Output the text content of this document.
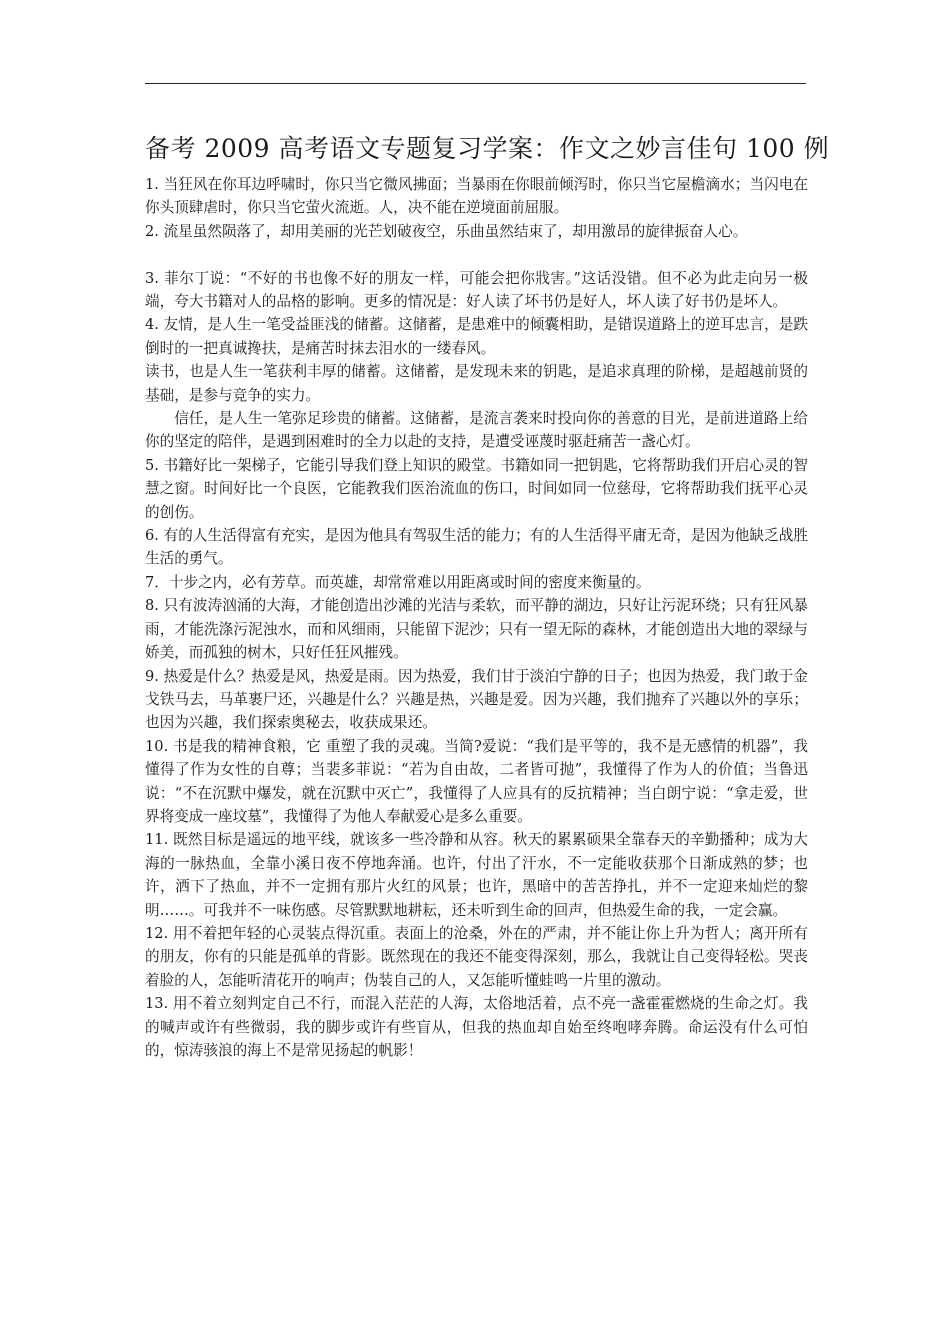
备考 2009 高考语文专题复习学案：作文之妙言佳句 100 例

1. 当狂风在你耳边呼啸时，你只当它微风拂面；当暴雨在你眼前倾泻时，你只当它屋檐滴水；当闪电在你头顶肆虐时，你只当它萤火流逝。人，决不能在逆境面前屈服。

2. 流星虽然陨落了，却用美丽的光芒划破夜空，乐曲虽然结束了，却用激昂的旋律振奋人心。

3. 菲尔丁说：“不好的书也像不好的朋友一样，可能会把你戕害。”这话没错。但不必为此走向另一极端，夸大书籍对人的品格的影响。更多的情况是：好人读了坏书仍是好人，坏人读了好书仍是坏人。

4. 友情，是人生一笔受益匪浅的储蓄。这储蓄，是患难中的倾囊相助，是错误道路上的逆耳忠言，是跌倒时的一把真诚搀扶，是痛苦时抹去泪水的一缕春风。

读书，也是人生一笔获利丰厚的储蓄。这储蓄，是发现未来的钥匙，是追求真理的阶梯，是超越前贤的基础，是参与竞争的实力。

信任，是人生一笔弥足珍贵的储蓄。这储蓄，是流言袭来时投向你的善意的目光，是前进道路上给你的坚定的陪伴，是遇到困难时的全力以赴的支持，是遭受诬蔑时驱赶痛苦一盏心灯。

5. 书籍好比一架梯子，它能引导我们登上知识的殿堂。书籍如同一把钥匙，它将帮助我们开启心灵的智慧之窗。时间好比一个良医，它能教我们医治流血的伤口，时间如同一位慈母，它将帮助我们抚平心灵的创伤。

6. 有的人生活得富有充实，是因为他具有驾驭生活的能力；有的人生活得平庸无奇，是因为他缺乏战胜生活的勇气。

7．十步之内，必有芳草。而英雄，却常常难以用距离或时间的密度来衡量的。

8. 只有波涛汹涌的大海，才能创造出沙滩的光洁与柔软，而平静的湖边，只好让污泥环绕；只有狂风暴雨，才能洗涤污泥浊水，而和风细雨，只能留下泥沙；只有一望无际的森林，才能创造出大地的翠绿与娇美，而孤独的树木，只好任狂风摧残。

9. 热爱是什么？热爱是风，热爱是雨。因为热爱，我们甘于淡泊宁静的日子；也因为热爱，我门敢于金戈铁马去，马革裹尸还，兴趣是什么？兴趣是热，兴趣是爱。因为兴趣，我们抛弃了兴趣以外的享乐；也因为兴趣，我们探索奥秘去，收获成果还。

10. 书是我的精神食粮，它 重塑了我的灵魂。当简?爱说：“我们是平等的，我不是无感情的机器”，我懂得了作为女性的自尊；当裴多菲说：“若为自由故，二者皆可抛”，我懂得了作为人的价值；当鲁迅说：“不在沉默中爆发，就在沉默中灭亡”，我懂得了人应具有的反抗精神；当白朗宁说：“拿走爱，世界将变成一座坟墓”，我懂得了为他人奉献爱心是多么重要。

11. 既然目标是遥远的地平线，就该多一些冷静和从容。秋天的累累硕果全靠春天的辛勤播种；成为大海的一脉热血，全靠小溪日夜不停地奔涌。也许，付出了汗水，不一定能收获那个日渐成熟的梦；也许，洒下了热血，并不一定拥有那片火红的风景；也许，黑暗中的苦苦挣扎，并不一定迎来灿烂的黎明……。可我并不一味伤感。尽管默默地耕耘，还未听到生命的回声，但热爱生命的我，一定会赢。

12. 用不着把年轻的心灵装点得沉重。表面上的沧桑，外在的严肃，并不能让你上升为哲人；离开所有的朋友，你有的只能是孤单的背影。既然现在的我还不能变得深刻，那么，我就让自己变得轻松。哭丧着脸的人，怎能听清花开的响声；伪装自己的人，又怎能听懂蛙鸣一片里的激动。

13. 用不着立刻判定自己不行，而混入茫茫的人海，太俗地活着，点不亮一盏霍霍燃烧的生命之灯。我的喊声或许有些微弱，我的脚步或许有些盲从，但我的热血却自始至终咆哮奔腾。命运没有什么可怕的，惊涛骇浪的海上不是常见扬起的帆影！
